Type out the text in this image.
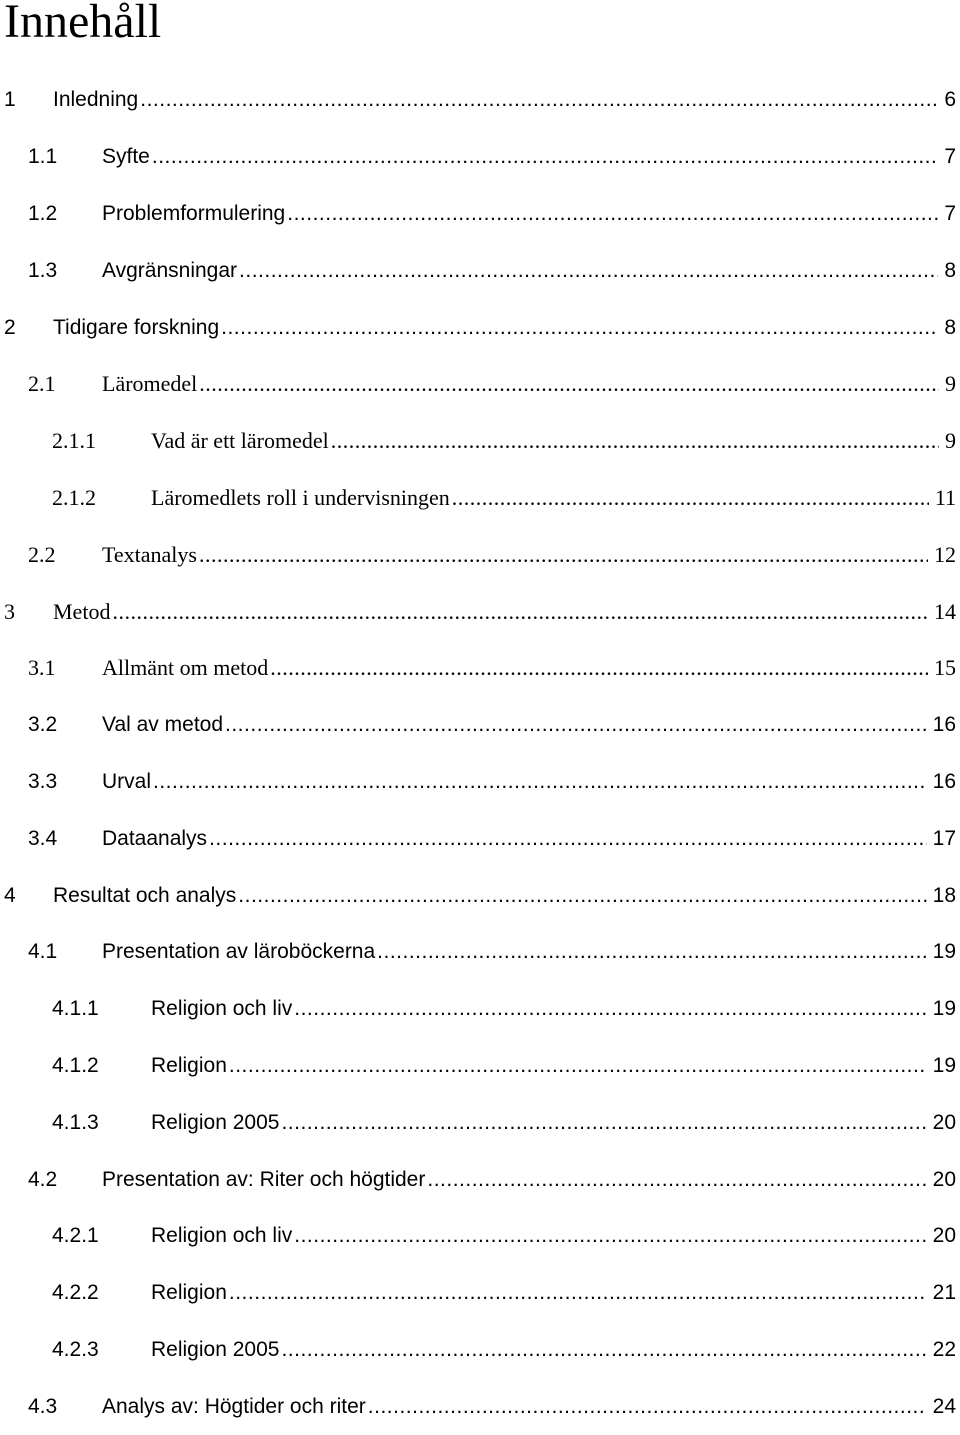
Innehåll
1	Inledning .....	6
1.1	Syfte .....	7
1.2	Problemformulering .....	7
1.3	Avgränsningar .....	8
2	Tidigare forskning .....	8
2.1	Läromedel .....	9
2.1.1	Vad är ett läromedel .....	9
2.1.2	Läromedlets roll i undervisningen .....	11
2.2	Textanalys .....	12
3	Metod .....	14
3.1	Allmänt om metod .....	15
3.2	Val av metod .....	16
3.3	Urval .....	16
3.4	Dataanalys .....	17
4	Resultat och analys .....	18
4.1	Presentation av läroböckerna .....	19
4.1.1	Religion och liv .....	19
4.1.2	Religion .....	19
4.1.3	Religion 2005 .....	20
4.2	Presentation av: Riter och högtider .....	20
4.2.1	Religion och liv .....	20
4.2.2	Religion .....	21
4.2.3	Religion 2005 .....	22
4.3	Analys av: Högtider och riter .....	24
